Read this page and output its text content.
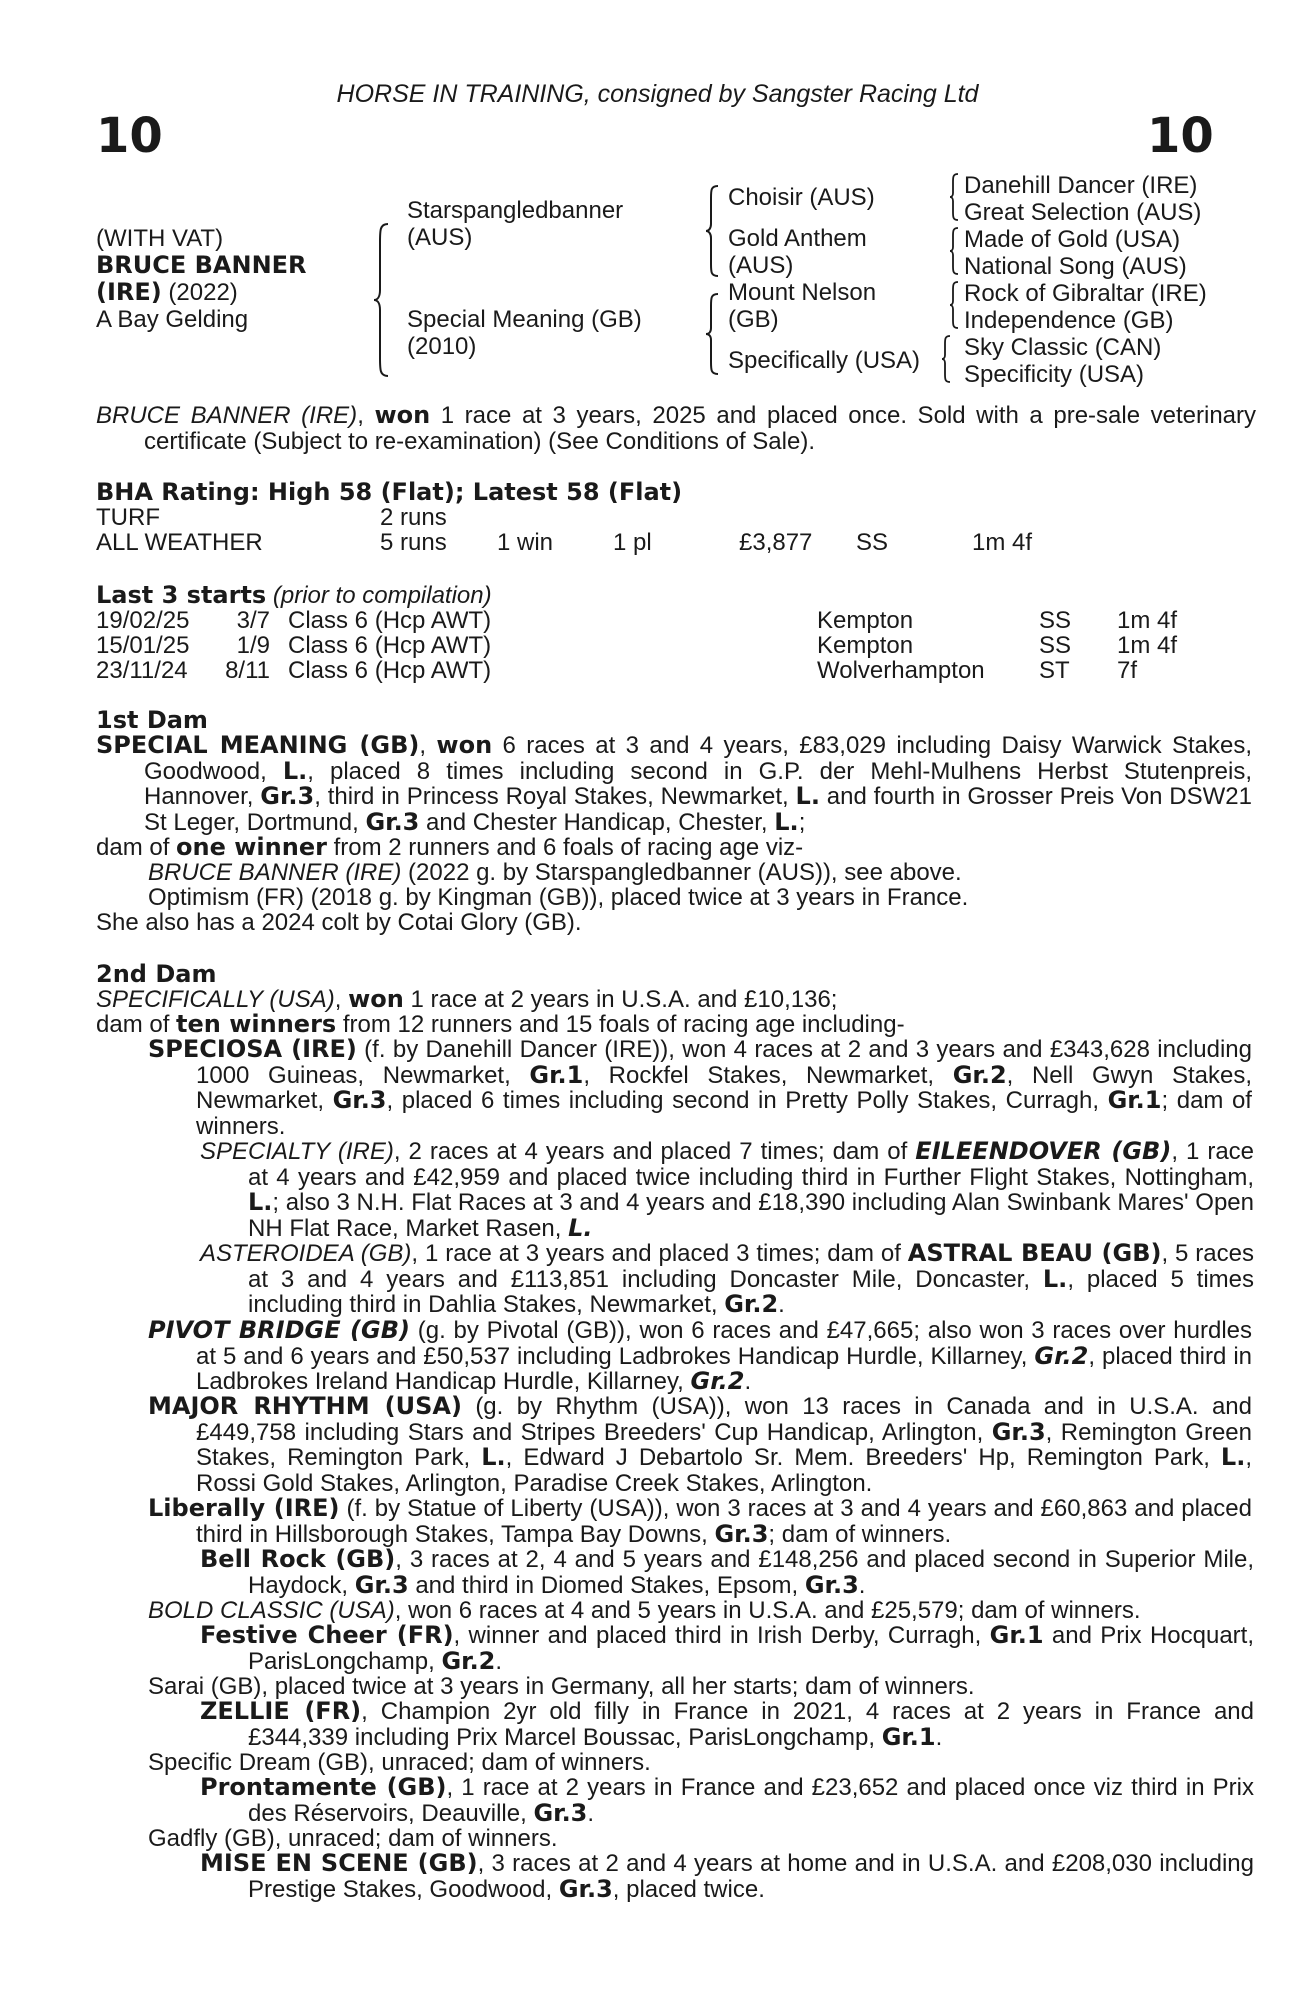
HORSE IN TRAINING, consigned by Sangster Racing Ltd
10	10
(WITH VAT)
BRUCE BANNER
(IRE) (2022)
A Bay Gelding
Starspangledbanner
(AUS)
Special Meaning (GB)
(2010)
Choisir (AUS)
Gold Anthem
(AUS)
Mount Nelson
(GB)
Specifically (USA)
Danehill Dancer (IRE)
Great Selection (AUS)
Made of Gold (USA)
National Song (AUS)
Rock of Gibraltar (IRE)
Independence (GB)
Sky Classic (CAN)
Specificity (USA)
BRUCE BANNER (IRE), won 1 race at 3 years, 2025 and placed once. Sold with a pre-sale veterinary certificate (Subject to re-examination) (See Conditions of Sale).
BHA Rating: High 58 (Flat); Latest 58 (Flat)
TURF	2 runs
ALL WEATHER	5 runs 1 win 1 pl	£3,877 SS	1m 4f
Last 3 starts (prior to compilation)
19/02/25	3/7 Class 6 (Hcp AWT)	Kempton	SS 1m 4f
15/01/25	1/9 Class 6 (Hcp AWT)	Kempton	SS 1m 4f
23/11/24 8/11 Class 6 (Hcp AWT)	Wolverhampton ST 7f
1st Dam
SPECIAL MEANING (GB), won 6 races at 3 and 4 years, £83,029 including Daisy Warwick Stakes, Goodwood, L., placed 8 times including second in G.P. der Mehl-Mulhens Herbst Stutenpreis, Hannover, Gr.3, third in Princess Royal Stakes, Newmarket, L. and fourth in Grosser Preis Von DSW21 St Leger, Dortmund, Gr.3 and Chester Handicap, Chester, L.;
dam of one winner from 2 runners and 6 foals of racing age viz-
BRUCE BANNER (IRE) (2022 g. by Starspangledbanner (AUS)), see above.
Optimism (FR) (2018 g. by Kingman (GB)), placed twice at 3 years in France.
She also has a 2024 colt by Cotai Glory (GB).
2nd Dam
SPECIFICALLY (USA), won 1 race at 2 years in U.S.A. and £10,136;
dam of ten winners from 12 runners and 15 foals of racing age including-
SPECIOSA (IRE) (f. by Danehill Dancer (IRE)), won 4 races at 2 and 3 years and £343,628 including 1000 Guineas, Newmarket, Gr.1, Rockfel Stakes, Newmarket, Gr.2, Nell Gwyn Stakes, Newmarket, Gr.3, placed 6 times including second in Pretty Polly Stakes, Curragh, Gr.1; dam of winners.
SPECIALTY (IRE), 2 races at 4 years and placed 7 times; dam of EILEENDOVER (GB), 1 race at 4 years and £42,959 and placed twice including third in Further Flight Stakes, Nottingham, L.; also 3 N.H. Flat Races at 3 and 4 years and £18,390 including Alan Swinbank Mares' Open NH Flat Race, Market Rasen, L.
ASTEROIDEA (GB), 1 race at 3 years and placed 3 times; dam of ASTRAL BEAU (GB), 5 races at 3 and 4 years and £113,851 including Doncaster Mile, Doncaster, L., placed 5 times including third in Dahlia Stakes, Newmarket, Gr.2.
PIVOT BRIDGE (GB) (g. by Pivotal (GB)), won 6 races and £47,665; also won 3 races over hurdles at 5 and 6 years and £50,537 including Ladbrokes Handicap Hurdle, Killarney, Gr.2, placed third in Ladbrokes Ireland Handicap Hurdle, Killarney, Gr.2.
MAJOR RHYTHM (USA) (g. by Rhythm (USA)), won 13 races in Canada and in U.S.A. and £449,758 including Stars and Stripes Breeders' Cup Handicap, Arlington, Gr.3, Remington Green Stakes, Remington Park, L., Edward J Debartolo Sr. Mem. Breeders' Hp, Remington Park, L., Rossi Gold Stakes, Arlington, Paradise Creek Stakes, Arlington.
Liberally (IRE) (f. by Statue of Liberty (USA)), won 3 races at 3 and 4 years and £60,863 and placed third in Hillsborough Stakes, Tampa Bay Downs, Gr.3; dam of winners.
Bell Rock (GB), 3 races at 2, 4 and 5 years and £148,256 and placed second in Superior Mile, Haydock, Gr.3 and third in Diomed Stakes, Epsom, Gr.3.
BOLD CLASSIC (USA), won 6 races at 4 and 5 years in U.S.A. and £25,579; dam of winners.
Festive Cheer (FR), winner and placed third in Irish Derby, Curragh, Gr.1 and Prix Hocquart, ParisLongchamp, Gr.2.
Sarai (GB), placed twice at 3 years in Germany, all her starts; dam of winners.
ZELLIE (FR), Champion 2yr old filly in France in 2021, 4 races at 2 years in France and £344,339 including Prix Marcel Boussac, ParisLongchamp, Gr.1.
Specific Dream (GB), unraced; dam of winners.
Prontamente (GB), 1 race at 2 years in France and £23,652 and placed once viz third in Prix des Réservoirs, Deauville, Gr.3.
Gadfly (GB), unraced; dam of winners.
MISE EN SCENE (GB), 3 races at 2 and 4 years at home and in U.S.A. and £208,030 including Prestige Stakes, Goodwood, Gr.3, placed twice.
